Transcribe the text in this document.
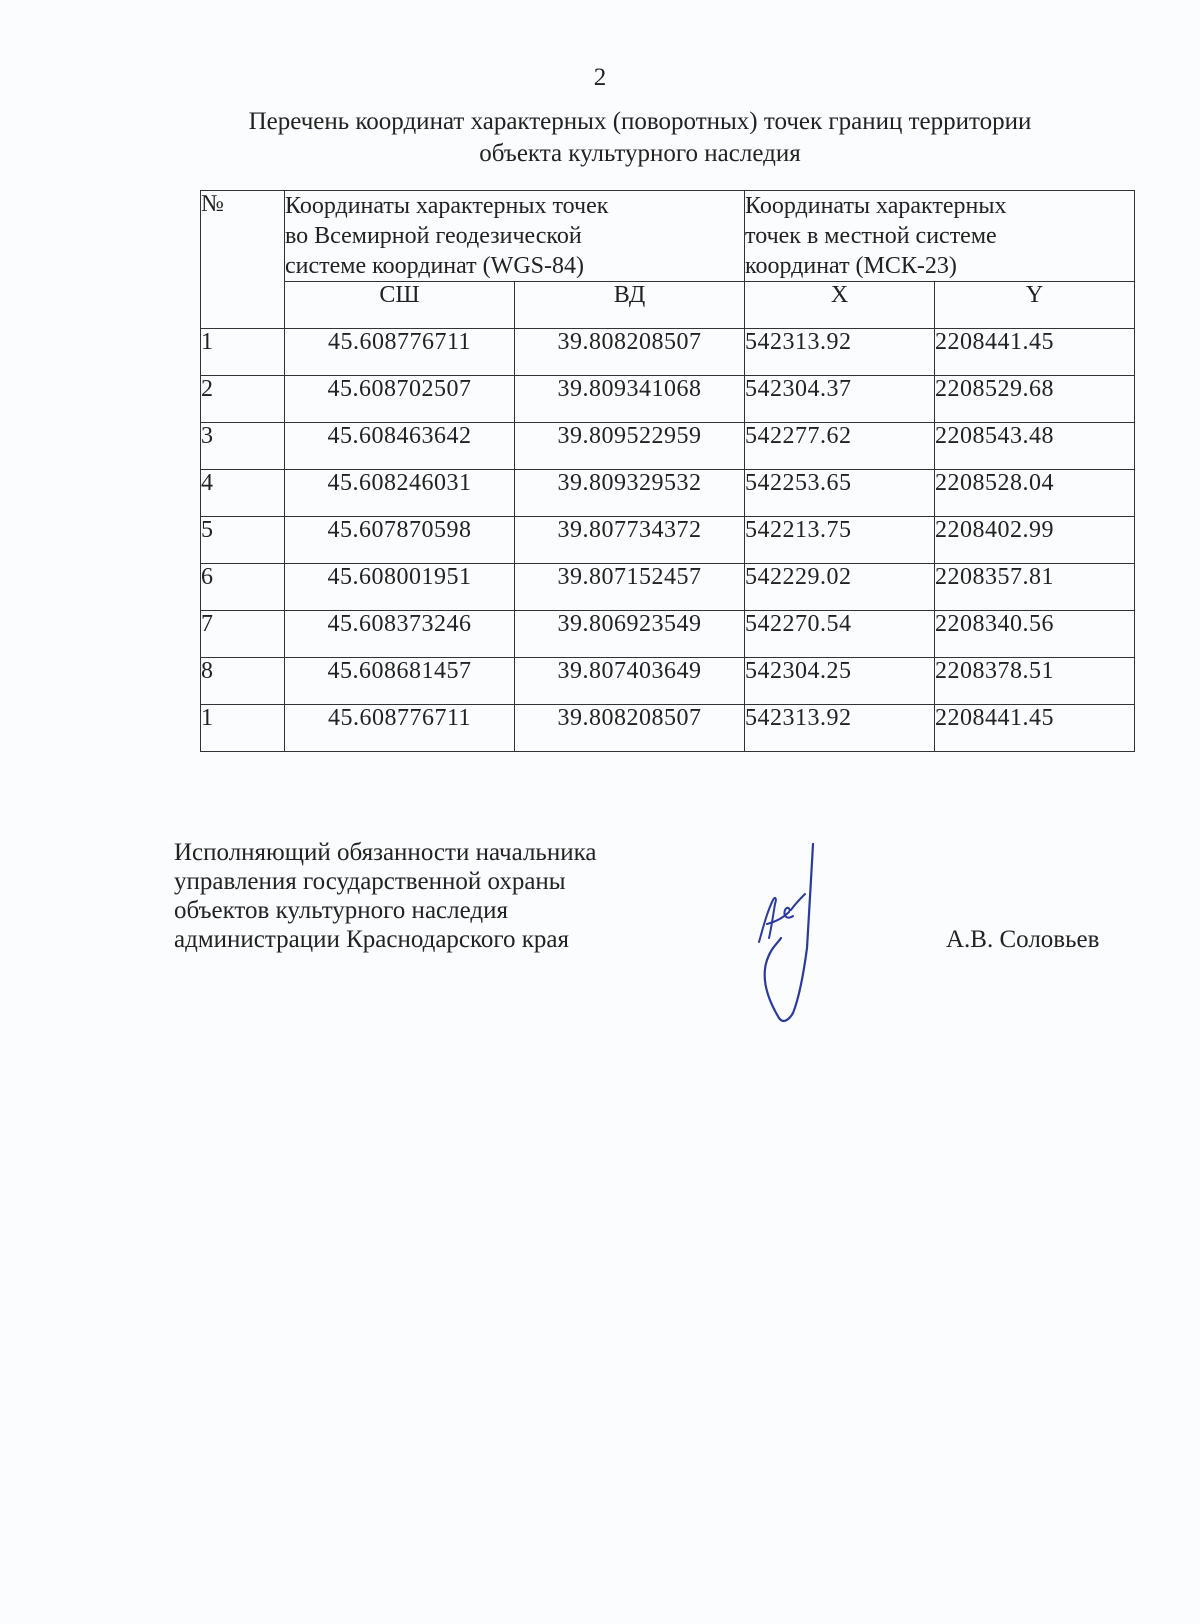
2
Перечень координат характерных (поворотных) точек границ территории
объекта культурного наследия
№	Координаты характерных точек
во Всемирной геодезической
системе координат (WGS-84)		Координаты характерных
точек в местной системе
координат (МСК-23)	

	СШ	ВД	X	Y
1	45.608776711	39.808208507	542313.92	2208441.45
2	45.608702507	39.809341068	542304.37	2208529.68
3	45.608463642	39.809522959	542277.62	2208543.48
4	45.608246031	39.809329532	542253.65	2208528.04
5	45.607870598	39.807734372	542213.75	2208402.99
6	45.608001951	39.807152457	542229.02	2208357.81
7	45.608373246	39.806923549	542270.54	2208340.56
8	45.608681457	39.807403649	542304.25	2208378.51
1	45.608776711	39.808208507	542313.92	2208441.45
Исполняющий обязанности начальника
управления государственной охраны
объектов культурного наследия
администрации Краснодарского края	А.В. Соловьев
